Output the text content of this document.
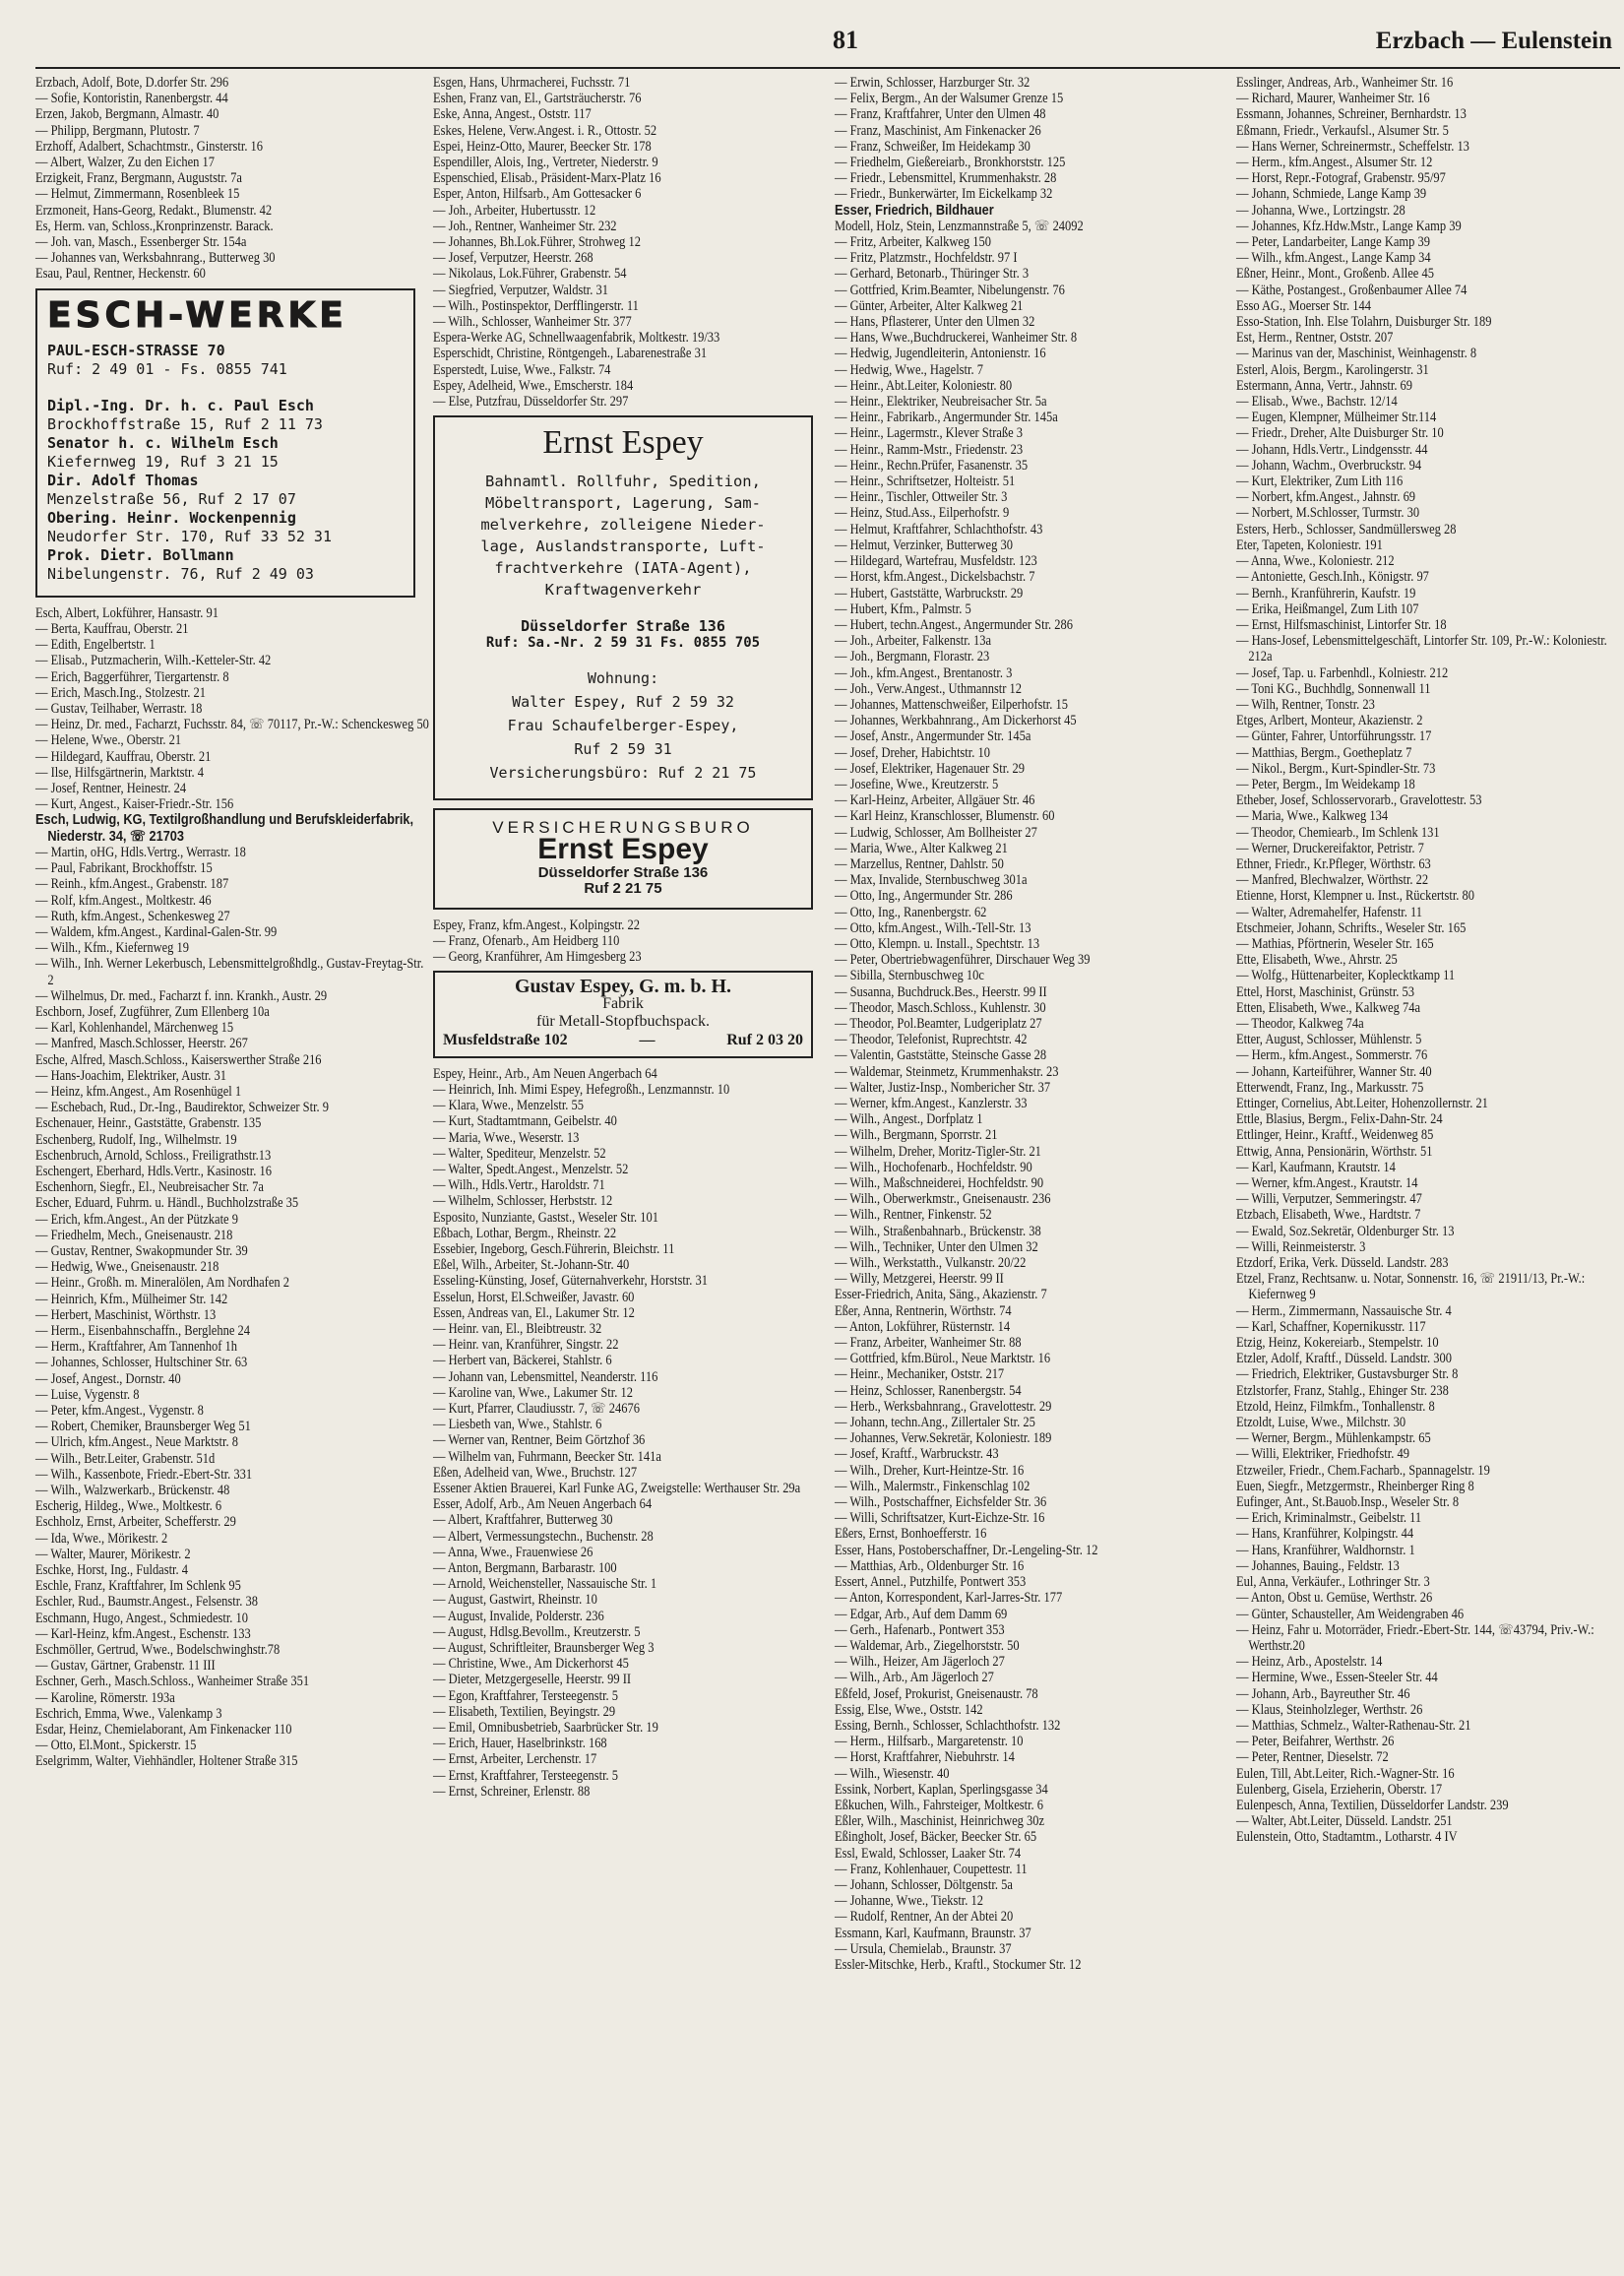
81	Erzbach — Eulenstein
Erzbach, Adolf, Bote, D.dorfer Str. 296
— Sofie, Kontoristin, Ranenbergstr. 44
Erzen, Jakob, Bergmann, Almastr. 40
— Philipp, Bergmann, Plutostr. 7
Erzhoff, Adalbert, Schachtmstr., Ginsterstr. 16
— Albert, Walzer, Zu den Eichen 17
Erzigkeit, Franz, Bergmann, Auguststr. 7a
— Helmut, Zimmermann, Rosenbleek 15
Erzmoneit, Hans-Georg, Redakt., Blumenstr. 42
Es, Herm. van, Schloss.,Kronprinzenstr. Barack.
— Joh. van, Masch., Essenberger Str. 154a
— Johannes van, Werksbahnrang., Butterweg 30
Esau, Paul, Rentner, Heckenstr. 60
ESCH-WERKE
PAUL-ESCH-STRASSE 70
Ruf: 2 49 01 - Fs. 0855 741
Dipl.-Ing. Dr. h. c. Paul Esch
Brockhoffstraße 15, Ruf 2 11 73
Senator h. c. Wilhelm Esch
Kiefernweg 19, Ruf 3 21 15
Dir. Adolf Thomas
Menzelstraße 56, Ruf 2 17 07
Obering. Heinr. Wockenpennig
Neudorfer Str. 170, Ruf 33 52 31
Prok. Dietr. Bollmann
Nibelungenstr. 76, Ruf 2 49 03
Esch, Albert, Lokführer, Hansastr. 91
— Berta, Kauffrau, Oberstr. 21
— Edith, Engelbertstr. 1
— Elisab., Putzmacherin, Wilh.-Ketteler-Str. 42
— Erich, Baggerführer, Tiergartenstr. 8
— Erich, Masch.Ing., Stolzestr. 21
— Gustav, Teilhaber, Werrastr. 18
— Heinz, Dr. med., Facharzt, Fuchsstr. 84, ☏ 70117, Pr.-W.: Schenckesweg 50
— Helene, Wwe., Oberstr. 21
— Hildegard, Kauffrau, Oberstr. 21
— Ilse, Hilfsgärtnerin, Marktstr. 4
— Josef, Rentner, Heinestr. 24
— Kurt, Angest., Kaiser-Friedr.-Str. 156
Esch, Ludwig, KG, Textilgroßhandlung und Berufskleiderfabrik, Niederstr. 34, ☏ 21703
— Martin, oHG, Hdls.Vertrg., Werrastr. 18
— Paul, Fabrikant, Brockhoffstr. 15
— Reinh., kfm.Angest., Grabenstr. 187
— Rolf, kfm.Angest., Moltkestr. 46
— Ruth, kfm.Angest., Schenkesweg 27
— Waldem, kfm.Angest., Kardinal-Galen-Str. 99
— Wilh., Kfm., Kiefernweg 19
— Wilh., Inh. Werner Lekerbusch, Lebensmittelgroßhdlg., Gustav-Freytag-Str. 2
— Wilhelmus, Dr. med., Facharzt f. inn. Krankh., Austr. 29
Eschborn, Josef, Zugführer, Zum Ellenberg 10a
— Karl, Kohlenhandel, Märchenweg 15
— Manfred, Masch.Schlosser, Heerstr. 267
Esche, Alfred, Masch.Schloss., Kaiserswerther Straße 216
— Hans-Joachim, Elektriker, Austr. 31
— Heinz, kfm.Angest., Am Rosenhügel 1
— Eschebach, Rud., Dr.-Ing., Baudirektor, Schweizer Str. 9
Eschenauer, Heinr., Gaststätte, Grabenstr. 135
Eschenberg, Rudolf, Ing., Wilhelmstr. 19
Eschenbruch, Arnold, Schloss., Freiligrathstr.13
Eschengert, Eberhard, Hdls.Vertr., Kasinostr. 16
Eschenhorn, Siegfr., El., Neubreisacher Str. 7a
Escher, Eduard, Fuhrm. u. Händl., Buchholzstraße 35
— Erich, kfm.Angest., An der Pützkate 9
— Friedhelm, Mech., Gneisenaustr. 218
— Gustav, Rentner, Swakopmunder Str. 39
— Hedwig, Wwe., Gneisenaustr. 218
— Heinr., Großh. m. Mineralölen, Am Nordhafen 2
— Heinrich, Kfm., Mülheimer Str. 142
— Herbert, Maschinist, Wörthstr. 13
— Herm., Eisenbahnschaffn., Berglehne 24
— Herm., Kraftfahrer, Am Tannenhof 1h
— Johannes, Schlosser, Hultschiner Str. 63
— Josef, Angest., Dornstr. 40
— Luise, Vygenstr. 8
— Peter, kfm.Angest., Vygenstr. 8
— Robert, Chemiker, Braunsberger Weg 51
— Ulrich, kfm.Angest., Neue Marktstr. 8
— Wilh., Betr.Leiter, Grabenstr. 51d
— Wilh., Kassenbote, Friedr.-Ebert-Str. 331
— Wilh., Walzwerkarb., Brückenstr. 48
Escherig, Hildeg., Wwe., Moltkestr. 6
Eschholz, Ernst, Arbeiter, Schefferstr. 29
— Ida, Wwe., Mörikestr. 2
— Walter, Maurer, Mörikestr. 2
Eschke, Horst, Ing., Fuldastr. 4
Eschle, Franz, Kraftfahrer, Im Schlenk 95
Eschler, Rud., Baumstr.Angest., Felsenstr. 38
Eschmann, Hugo, Angest., Schmiedestr. 10
— Karl-Heinz, kfm.Angest., Eschenstr. 133
Eschmöller, Gertrud, Wwe., Bodelschwinghstr.78
— Gustav, Gärtner, Grabenstr. 11 III
Eschner, Gerh., Masch.Schloss., Wanheimer Straße 351
— Karoline, Römerstr. 193a
Eschrich, Emma, Wwe., Valenkamp 3
Esdar, Heinz, Chemielaborant, Am Finkenacker 110
— Otto, El.Mont., Spickerstr. 15
Eselgrimm, Walter, Viehhändler, Holtener Straße 315
Esgen, Hans, Uhrmacherei, Fuchsstr. 71
Eshen, Franz van, El., Gartsträucherstr. 76
Eske, Anna, Angest., Oststr. 117
Eskes, Helene, Verw.Angest. i. R., Ottostr. 52
Espei, Heinz-Otto, Maurer, Beecker Str. 178
Espendiller, Alois, Ing., Vertreter, Niederstr. 9
Espenschied, Elisab., Präsident-Marx-Platz 16
Esper, Anton, Hilfsarb., Am Gottesacker 6
— Joh., Arbeiter, Hubertusstr. 12
— Joh., Rentner, Wanheimer Str. 232
— Johannes, Bh.Lok.Führer, Strohweg 12
— Josef, Verputzer, Heerstr. 268
— Nikolaus, Lok.Führer, Grabenstr. 54
— Siegfried, Verputzer, Waldstr. 31
— Wilh., Postinspektor, Derfflingerstr. 11
— Wilh., Schlosser, Wanheimer Str. 377
Espera-Werke AG, Schnellwaagenfabrik, Moltkestr. 19/33
Esperschidt, Christine, Röntgengeh., Labarenestraße 31
Esperstedt, Luise, Wwe., Falkstr. 74
Espey, Adelheid, Wwe., Emscherstr. 184
— Else, Putzfrau, Düsseldorfer Str. 297
Ernst Espey
Bahnamtl. Rollfuhr, Spedition,
Möbeltransport, Lagerung, Sam-
melverkehre, zolleigene Nieder-
lage, Auslandstransporte, Luft-
frachtverkehre (IATA-Agent),
Kraftwagenverkehr
Düsseldorfer Straße 136
Ruf: Sa.-Nr. 2 59 31 Fs. 0855 705
Wohnung:
Walter Espey, Ruf 2 59 32
Frau Schaufelberger-Espey,
Ruf 2 59 31
Versicherungsbüro: Ruf 2 21 75
VERSICHERUNGSBURO
Ernst Espey
Düsseldorfer Straße 136
Ruf 2 21 75
Espey, Franz, kfm.Angest., Kolpingstr. 22
— Franz, Ofenarb., Am Heidberg 110
— Georg, Kranführer, Am Himgesberg 23
Gustav Espey, G. m. b. H.
Fabrik
für Metall-Stopfbuchspack.
Musfeldstraße 102	—	Ruf 2 03 20
Espey, Heinr., Arb., Am Neuen Angerbach 64
— Heinrich, Inh. Mimi Espey, Hefegroßh., Lenzmannstr. 10
— Klara, Wwe., Menzelstr. 55
— Kurt, Stadtamtmann, Geibelstr. 40
— Maria, Wwe., Weserstr. 13
— Walter, Spediteur, Menzelstr. 52
— Walter, Spedt.Angest., Menzelstr. 52
— Wilh., Hdls.Vertr., Haroldstr. 71
— Wilhelm, Schlosser, Herbststr. 12
Esposito, Nunziante, Gastst., Weseler Str. 101
Eßbach, Lothar, Bergm., Rheinstr. 22
Essebier, Ingeborg, Gesch.Führerin, Bleichstr. 11
Eßel, Wilh., Arbeiter, St.-Johann-Str. 40
Esseling-Künsting, Josef, Güternahverkehr, Horststr. 31
Esselun, Horst, El.Schweißer, Javastr. 60
Essen, Andreas van, El., Lakumer Str. 12
— Heinr. van, El., Bleibtreustr. 32
— Heinr. van, Kranführer, Singstr. 22
— Herbert van, Bäckerei, Stahlstr. 6
— Johann van, Lebensmittel, Neanderstr. 116
— Karoline van, Wwe., Lakumer Str. 12
— Kurt, Pfarrer, Claudiusstr. 7, ☏ 24676
— Liesbeth van, Wwe., Stahlstr. 6
— Werner van, Rentner, Beim Görtzhof 36
— Wilhelm van, Fuhrmann, Beecker Str. 141a
Eßen, Adelheid van, Wwe., Bruchstr. 127
Essener Aktien Brauerei, Karl Funke AG, Zweigstelle: Werthauser Str. 29a
Esser, Adolf, Arb., Am Neuen Angerbach 64
— Albert, Kraftfahrer, Butterweg 30
— Albert, Vermessungstechn., Buchenstr. 28
— Anna, Wwe., Frauenwiese 26
— Anton, Bergmann, Barbarastr. 100
— Arnold, Weichensteller, Nassauische Str. 1
— August, Gastwirt, Rheinstr. 10
— August, Invalide, Polderstr. 236
— August, Hdlsg.Bevollm., Kreutzerstr. 5
— August, Schriftleiter, Braunsberger Weg 3
— Christine, Wwe., Am Dickerhorst 45
— Dieter, Metzgergeselle, Heerstr. 99 II
— Egon, Kraftfahrer, Tersteegenstr. 5
— Elisabeth, Textilien, Beyingstr. 29
— Emil, Omnibusbetrieb, Saarbrücker Str. 19
— Erich, Hauer, Haselbrinkstr. 168
— Ernst, Arbeiter, Lerchenstr. 17
— Ernst, Kraftfahrer, Tersteegenstr. 5
— Ernst, Schreiner, Erlenstr. 88
— Erwin, Schlosser, Harzburger Str. 32
— Felix, Bergm., An der Walsumer Grenze 15
— Franz, Kraftfahrer, Unter den Ulmen 48
— Franz, Maschinist, Am Finkenacker 26
— Franz, Schweißer, Im Heidekamp 30
— Friedhelm, Gießereiarb., Bronkhorststr. 125
— Friedr., Lebensmittel, Krummenhakstr. 28
— Friedr., Bunkerwärter, Im Eickelkamp 32
Esser, Friedrich, Bildhauer
Modell, Holz, Stein, Lenzmannstraße 5, ☏ 24092
— Fritz, Arbeiter, Kalkweg 150
— Fritz, Platzmstr., Hochfeldstr. 97 I
— Gerhard, Betonarb., Thüringer Str. 3
— Gottfried, Krim.Beamter, Nibelungenstr. 76
— Günter, Arbeiter, Alter Kalkweg 21
— Hans, Pflasterer, Unter den Ulmen 32
— Hans, Wwe.,Buchdruckerei, Wanheimer Str. 8
— Hedwig, Jugendleiterin, Antonienstr. 16
— Hedwig, Wwe., Hagelstr. 7
— Heinr., Abt.Leiter, Koloniestr. 80
— Heinr., Elektriker, Neubreisacher Str. 5a
— Heinr., Fabrikarb., Angermunder Str. 145a
— Heinr., Lagermstr., Klever Straße 3
— Heinr., Ramm-Mstr., Friedenstr. 23
— Heinr., Rechn.Prüfer, Fasanenstr. 35
— Heinr., Schriftsetzer, Holteistr. 51
— Heinr., Tischler, Ottweiler Str. 3
— Heinz, Stud.Ass., Eilperhofstr. 9
— Helmut, Kraftfahrer, Schlachthofstr. 43
— Helmut, Verzinker, Butterweg 30
— Hildegard, Wartefrau, Musfeldstr. 123
— Horst, kfm.Angest., Dickelsbachstr. 7
— Hubert, Gaststätte, Warbruckstr. 29
— Hubert, Kfm., Palmstr. 5
— Hubert, techn.Angest., Angermunder Str. 286
— Joh., Arbeiter, Falkenstr. 13a
— Joh., Bergmann, Florastr. 23
— Joh., kfm.Angest., Brentanostr. 3
— Joh., Verw.Angest., Uthmannstr 12
— Johannes, Mattenschweißer, Eilperhofstr. 15
— Johannes, Werkbahnrang., Am Dickerhorst 45
— Josef, Anstr., Angermunder Str. 145a
— Josef, Dreher, Habichtstr. 10
— Josef, Elektriker, Hagenauer Str. 29
— Josefine, Wwe., Kreutzerstr. 5
— Karl-Heinz, Arbeiter, Allgäuer Str. 46
— Karl Heinz, Kranschlosser, Blumenstr. 60
— Ludwig, Schlosser, Am Bollheister 27
— Maria, Wwe., Alter Kalkweg 21
— Marzellus, Rentner, Dahlstr. 50
— Max, Invalide, Sternbuschweg 301a
— Otto, Ing., Angermunder Str. 286
— Otto, Ing., Ranenbergstr. 62
— Otto, kfm.Angest., Wilh.-Tell-Str. 13
— Otto, Klempn. u. Install., Spechtstr. 13
— Peter, Obertriebwagenführer, Dirschauer Weg 39
— Sibilla, Sternbuschweg 10c
— Susanna, Buchdruck.Bes., Heerstr. 99 II
— Theodor, Masch.Schloss., Kuhlenstr. 30
— Theodor, Pol.Beamter, Ludgeriplatz 27
— Theodor, Telefonist, Ruprechtstr. 42
— Valentin, Gaststätte, Steinsche Gasse 28
— Waldemar, Steinmetz, Krummenhakstr. 23
— Walter, Justiz-Insp., Nombericher Str. 37
— Werner, kfm.Angest., Kanzlerstr. 33
— Wilh., Angest., Dorfplatz 1
— Wilh., Bergmann, Sporrstr. 21
— Wilhelm, Dreher, Moritz-Tigler-Str. 21
— Wilh., Hochofenarb., Hochfeldstr. 90
— Wilh., Maßschneiderei, Hochfeldstr. 90
— Wilh., Oberwerkmstr., Gneisenaustr. 236
— Wilh., Rentner, Finkenstr. 52
— Wilh., Straßenbahnarb., Brückenstr. 38
— Wilh., Techniker, Unter den Ulmen 32
— Wilh., Werkstatth., Vulkanstr. 20/22
— Willy, Metzgerei, Heerstr. 99 II
Esser-Friedrich, Anita, Säng., Akazienstr. 7
Eßer, Anna, Rentnerin, Wörthstr. 74
— Anton, Lokführer, Rüsternstr. 14
— Franz, Arbeiter, Wanheimer Str. 88
— Gottfried, kfm.Bürol., Neue Marktstr. 16
— Heinr., Mechaniker, Oststr. 217
— Heinz, Schlosser, Ranenbergstr. 54
— Herb., Werksbahnrang., Gravelottestr. 29
— Johann, techn.Ang., Zillertaler Str. 25
— Johannes, Verw.Sekretär, Koloniestr. 189
— Josef, Kraftf., Warbruckstr. 43
— Wilh., Dreher, Kurt-Heintze-Str. 16
— Wilh., Malermstr., Finkenschlag 102
— Wilh., Postschaffner, Eichsfelder Str. 36
— Willi, Schriftsatzer, Kurt-Eichze-Str. 16
Eßers, Ernst, Bonhoefferstr. 16
Esser, Hans, Postoberschaffner, Dr.-Lengeling-Str. 12
— Matthias, Arb., Oldenburger Str. 16
Essert, Annel., Putzhilfe, Pontwert 353
— Anton, Korrespondent, Karl-Jarres-Str. 177
— Edgar, Arb., Auf dem Damm 69
— Gerh., Hafenarb., Pontwert 353
— Waldemar, Arb., Ziegelhorststr. 50
— Wilh., Heizer, Am Jägerloch 27
— Wilh., Arb., Am Jägerloch 27
Eßfeld, Josef, Prokurist, Gneisenaustr. 78
Essig, Else, Wwe., Oststr. 142
Essing, Bernh., Schlosser, Schlachthofstr. 132
— Herm., Hilfsarb., Margaretenstr. 10
— Horst, Kraftfahrer, Niebuhrstr. 14
— Wilh., Wiesenstr. 40
Essink, Norbert, Kaplan, Sperlingsgasse 34
Eßkuchen, Wilh., Fahrsteiger, Moltkestr. 6
Eßler, Wilh., Maschinist, Heinrichweg 30z
Eßingholt, Josef, Bäcker, Beecker Str. 65
Essl, Ewald, Schlosser, Laaker Str. 74
— Franz, Kohlenhauer, Coupettestr. 11
— Johann, Schlosser, Döltgenstr. 5a
— Johanne, Wwe., Tiekstr. 12
— Rudolf, Rentner, An der Abtei 20
Essmann, Karl, Kaufmann, Braunstr. 37
— Ursula, Chemielab., Braunstr. 37
Essler-Mitschke, Herb., Kraftl., Stockumer Str. 12
Esslinger, Andreas, Arb., Wanheimer Str. 16
— Richard, Maurer, Wanheimer Str. 16
Essmann, Johannes, Schreiner, Bernhardstr. 13
Eßmann, Friedr., Verkaufsl., Alsumer Str. 5
— Hans Werner, Schreinermstr., Scheffelstr. 13
— Herm., kfm.Angest., Alsumer Str. 12
— Horst, Repr.-Fotograf, Grabenstr. 95/97
— Johann, Schmiede, Lange Kamp 39
— Johanna, Wwe., Lortzingstr. 28
— Johannes, Kfz.Hdw.Mstr., Lange Kamp 39
— Peter, Landarbeiter, Lange Kamp 39
— Wilh., kfm.Angest., Lange Kamp 34
Eßner, Heinr., Mont., Großenb. Allee 45
— Käthe, Postangest., Großenbaumer Allee 74
Esso AG., Moerser Str. 144
Esso-Station, Inh. Else Tolahrn, Duisburger Str. 189
Est, Herm., Rentner, Oststr. 207
— Marinus van der, Maschinist, Weinhagenstr. 8
Esterl, Alois, Bergm., Karolingerstr. 31
Estermann, Anna, Vertr., Jahnstr. 69
— Elisab., Wwe., Bachstr. 12/14
— Eugen, Klempner, Mülheimer Str.114
— Friedr., Dreher, Alte Duisburger Str. 10
— Johann, Hdls.Vertr., Lindgensstr. 44
— Johann, Wachm., Overbruckstr. 94
— Kurt, Elektriker, Zum Lith 116
— Norbert, kfm.Angest., Jahnstr. 69
— Norbert, M.Schlosser, Turmstr. 30
Esters, Herb., Schlosser, Sandmüllersweg 28
Eter, Tapeten, Koloniestr. 191
— Anna, Wwe., Koloniestr. 212
— Antoniette, Gesch.Inh., Königstr. 97
— Bernh., Kranführerin, Kaufstr. 19
— Erika, Heißmangel, Zum Lith 107
— Ernst, Hilfsmaschinist, Lintorfer Str. 18
— Hans-Josef, Lebensmittelgeschäft, Lintorfer Str. 109, Pr.-W.: Koloniestr. 212a
— Josef, Tap. u. Farbenhdl., Kolniestr. 212
— Toni KG., Buchhdlg, Sonnenwall 11
— Wilh, Rentner, Tonstr. 23
Etges, Arlbert, Monteur, Akazienstr. 2
— Günter, Fahrer, Untorführungsstr. 17
— Matthias, Bergm., Goetheplatz 7
— Nikol., Bergm., Kurt-Spindler-Str. 73
— Peter, Bergm., Im Weidekamp 18
Etheber, Josef, Schlosservorarb., Gravelottestr. 53
— Maria, Wwe., Kalkweg 134
— Theodor, Chemiearb., Im Schlenk 131
— Werner, Druckereifaktor, Petristr. 7
Ethner, Friedr., Kr.Pfleger, Wörthstr. 63
— Manfred, Blechwalzer, Wörthstr. 22
Etienne, Horst, Klempner u. Inst., Rückertstr. 80
— Walter, Adremahelfer, Hafenstr. 11
Etschmeier, Johann, Schrifts., Weseler Str. 165
— Mathias, Pförtnerin, Weseler Str. 165
Ette, Elisabeth, Wwe., Ahrstr. 25
— Wolfg., Hüttenarbeiter, Koplecktkamp 11
Ettel, Horst, Maschinist, Grünstr. 53
Etten, Elisabeth, Wwe., Kalkweg 74a
— Theodor, Kalkweg 74a
Etter, August, Schlosser, Mühlenstr. 5
— Herm., kfm.Angest., Sommerstr. 76
— Johann, Karteiführer, Wanner Str. 40
Etterwendt, Franz, Ing., Markusstr. 75
Ettinger, Cornelius, Abt.Leiter, Hohenzollernstr. 21
Ettle, Blasius, Bergm., Felix-Dahn-Str. 24
Ettlinger, Heinr., Kraftf., Weidenweg 85
Ettwig, Anna, Pensionärin, Wörthstr. 51
— Karl, Kaufmann, Krautstr. 14
— Werner, kfm.Angest., Krautstr. 14
— Willi, Verputzer, Semmeringstr. 47
Etzbach, Elisabeth, Wwe., Hardtstr. 7
— Ewald, Soz.Sekretär, Oldenburger Str. 13
— Willi, Reinmeisterstr. 3
Etzdorf, Erika, Verk. Düsseld. Landstr. 283
Etzel, Franz, Rechtsanw. u. Notar, Sonnenstr. 16, ☏ 21911/13, Pr.-W.: Kiefernweg 9
— Herm., Zimmermann, Nassauische Str. 4
— Karl, Schaffner, Kopernikusstr. 117
Etzig, Heinz, Kokereiarb., Stempelstr. 10
Etzler, Adolf, Kraftf., Düsseld. Landstr. 300
— Friedrich, Elektriker, Gustavsburger Str. 8
Etzlstorfer, Franz, Stahlg., Ehinger Str. 238
Etzold, Heinz, Filmkfm., Tonhallenstr. 8
Etzoldt, Luise, Wwe., Milchstr. 30
— Werner, Bergm., Mühlenkampstr. 65
— Willi, Elektriker, Friedhofstr. 49
Etzweiler, Friedr., Chem.Facharb., Spannagelstr. 19
Euen, Siegfr., Metzgermstr., Rheinberger Ring 8
Eufinger, Ant., St.Bauob.Insp., Weseler Str. 8
— Erich, Kriminalmstr., Geibelstr. 11
— Hans, Kranführer, Kolpingstr. 44
— Hans, Kranführer, Waldhornstr. 1
— Johannes, Bauing., Feldstr. 13
Eul, Anna, Verkäufer., Lothringer Str. 3
— Anton, Obst u. Gemüse, Werthstr. 26
— Günter, Schausteller, Am Weidengraben 46
— Heinz, Fahr u. Motorräder, Friedr.-Ebert-Str. 144, ☏43794, Priv.-W.: Werthstr.20
— Heinz, Arb., Apostelstr. 14
— Hermine, Wwe., Essen-Steeler Str. 44
— Johann, Arb., Bayreuther Str. 46
— Klaus, Steinholzleger, Werthstr. 26
— Matthias, Schmelz., Walter-Rathenau-Str. 21
— Peter, Beifahrer, Werthstr. 26
— Peter, Rentner, Dieselstr. 72
Eulen, Till, Abt.Leiter, Rich.-Wagner-Str. 16
Eulenberg, Gisela, Erzieherin, Oberstr. 17
Eulenpesch, Anna, Textilien, Düsseldorfer Landstr. 239
— Walter, Abt.Leiter, Düsseld. Landstr. 251
Eulenstein, Otto, Stadtamtm., Lotharstr. 4 IV
